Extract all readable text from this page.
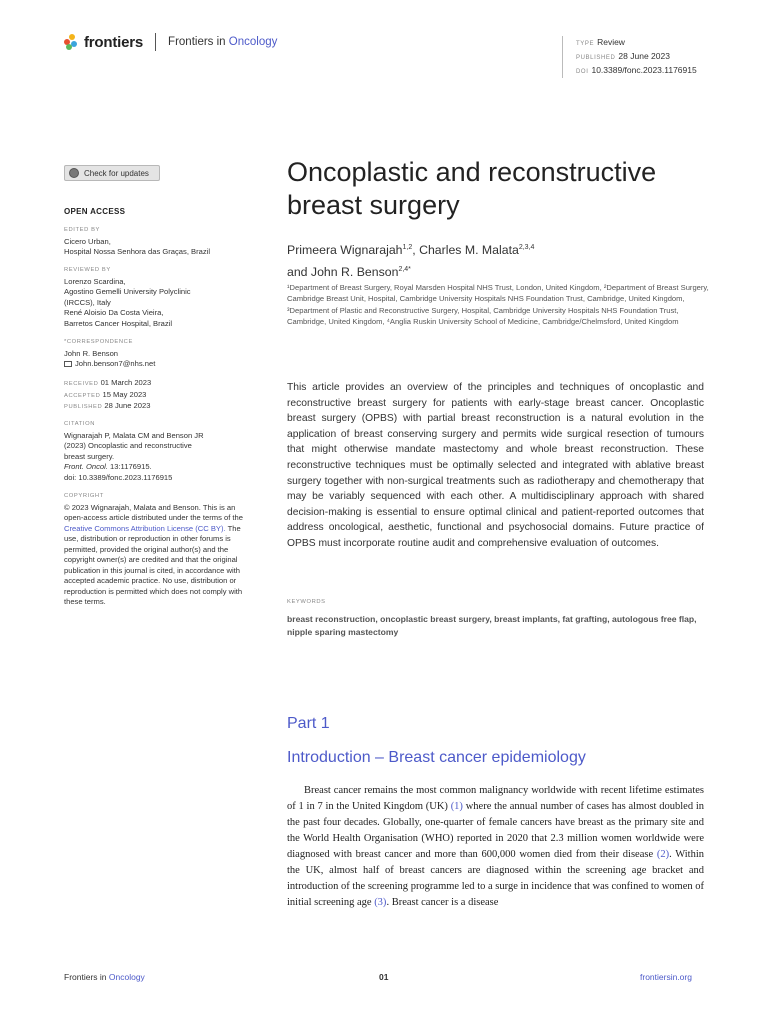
frontiers Frontiers in Oncology	TYPE Review
PUBLISHED 28 June 2023
DOI 10.3389/fonc.2023.1176915
Check for updates
OPEN ACCESS
EDITED BY
Cicero Urban,
Hospital Nossa Senhora das Graças, Brazil
REVIEWED BY
Lorenzo Scardina,
Agostino Gemelli University Polyclinic
(IRCCS), Italy
René Aloisio Da Costa Vieira,
Barretos Cancer Hospital, Brazil
*CORRESPONDENCE
John R. Benson
John.benson7@nhs.net
RECEIVED 01 March 2023
ACCEPTED 15 May 2023
PUBLISHED 28 June 2023
CITATION
Wignarajah P, Malata CM and Benson JR
(2023) Oncoplastic and reconstructive
breast surgery.
Front. Oncol. 13:1176915.
doi: 10.3389/fonc.2023.1176915
COPYRIGHT
© 2023 Wignarajah, Malata and Benson. This is an open-access article distributed under the terms of the Creative Commons Attribution License (CC BY). The use, distribution or reproduction in other forums is permitted, provided the original author(s) and the copyright owner(s) are credited and that the original publication in this journal is cited, in accordance with accepted academic practice. No use, distribution or reproduction is permitted which does not comply with these terms.
Oncoplastic and reconstructive breast surgery
Primeera Wignarajah$^{1,2}$, Charles M. Malata$^{2,3,4}$
and John R. Benson$^{2,4*}$
¹Department of Breast Surgery, Royal Marsden Hospital NHS Trust, London, United Kingdom, ²Department of Breast Surgery, Cambridge Breast Unit, Hospital, Cambridge University Hospitals NHS Foundation Trust, Cambridge, United Kingdom, ³Department of Plastic and Reconstructive Surgery, Hospital, Cambridge University Hospitals NHS Foundation Trust, Cambridge, United Kingdom, ⁴Anglia Ruskin University School of Medicine, Cambridge/Chelmsford, United Kingdom
This article provides an overview of the principles and techniques of oncoplastic and reconstructive breast surgery for patients with early-stage breast cancer. Oncoplastic breast surgery (OPBS) with partial breast reconstruction is a natural evolution in the application of breast conserving surgery and permits wide surgical resection of tumours that might otherwise mandate mastectomy and whole breast reconstruction. These reconstructive techniques must be optimally selected and integrated with ablative breast surgery together with non-surgical treatments such as radiotherapy and chemotherapy that may be variably sequenced with each other. A multidisciplinary approach with shared decision-making is essential to ensure optimal clinical and patient-reported outcomes that address oncological, aesthetic, functional and psychosocial domains. Future practice of OPBS must incorporate routine audit and comprehensive evaluation of outcomes.
KEYWORDS
breast reconstruction, oncoplastic breast surgery, breast implants, fat grafting, autologous free flap, nipple sparing mastectomy
Part 1
Introduction – Breast cancer epidemiology
Breast cancer remains the most common malignancy worldwide with recent lifetime estimates of 1 in 7 in the United Kingdom (UK) (1) where the annual number of cases has almost doubled in the past four decades. Globally, one-quarter of female cancers have breast as the primary site and the World Health Organisation (WHO) reported in 2020 that 2.3 million women worldwide were diagnosed with breast cancer and more than 600,000 women died from their disease (2). Within the UK, almost half of breast cancers are diagnosed within the screening age bracket and introduction of the screening programme led to a surge in incidence that was confined to women of initial screening age (3). Breast cancer is a disease
Frontiers in Oncology	01	frontiersin.org
